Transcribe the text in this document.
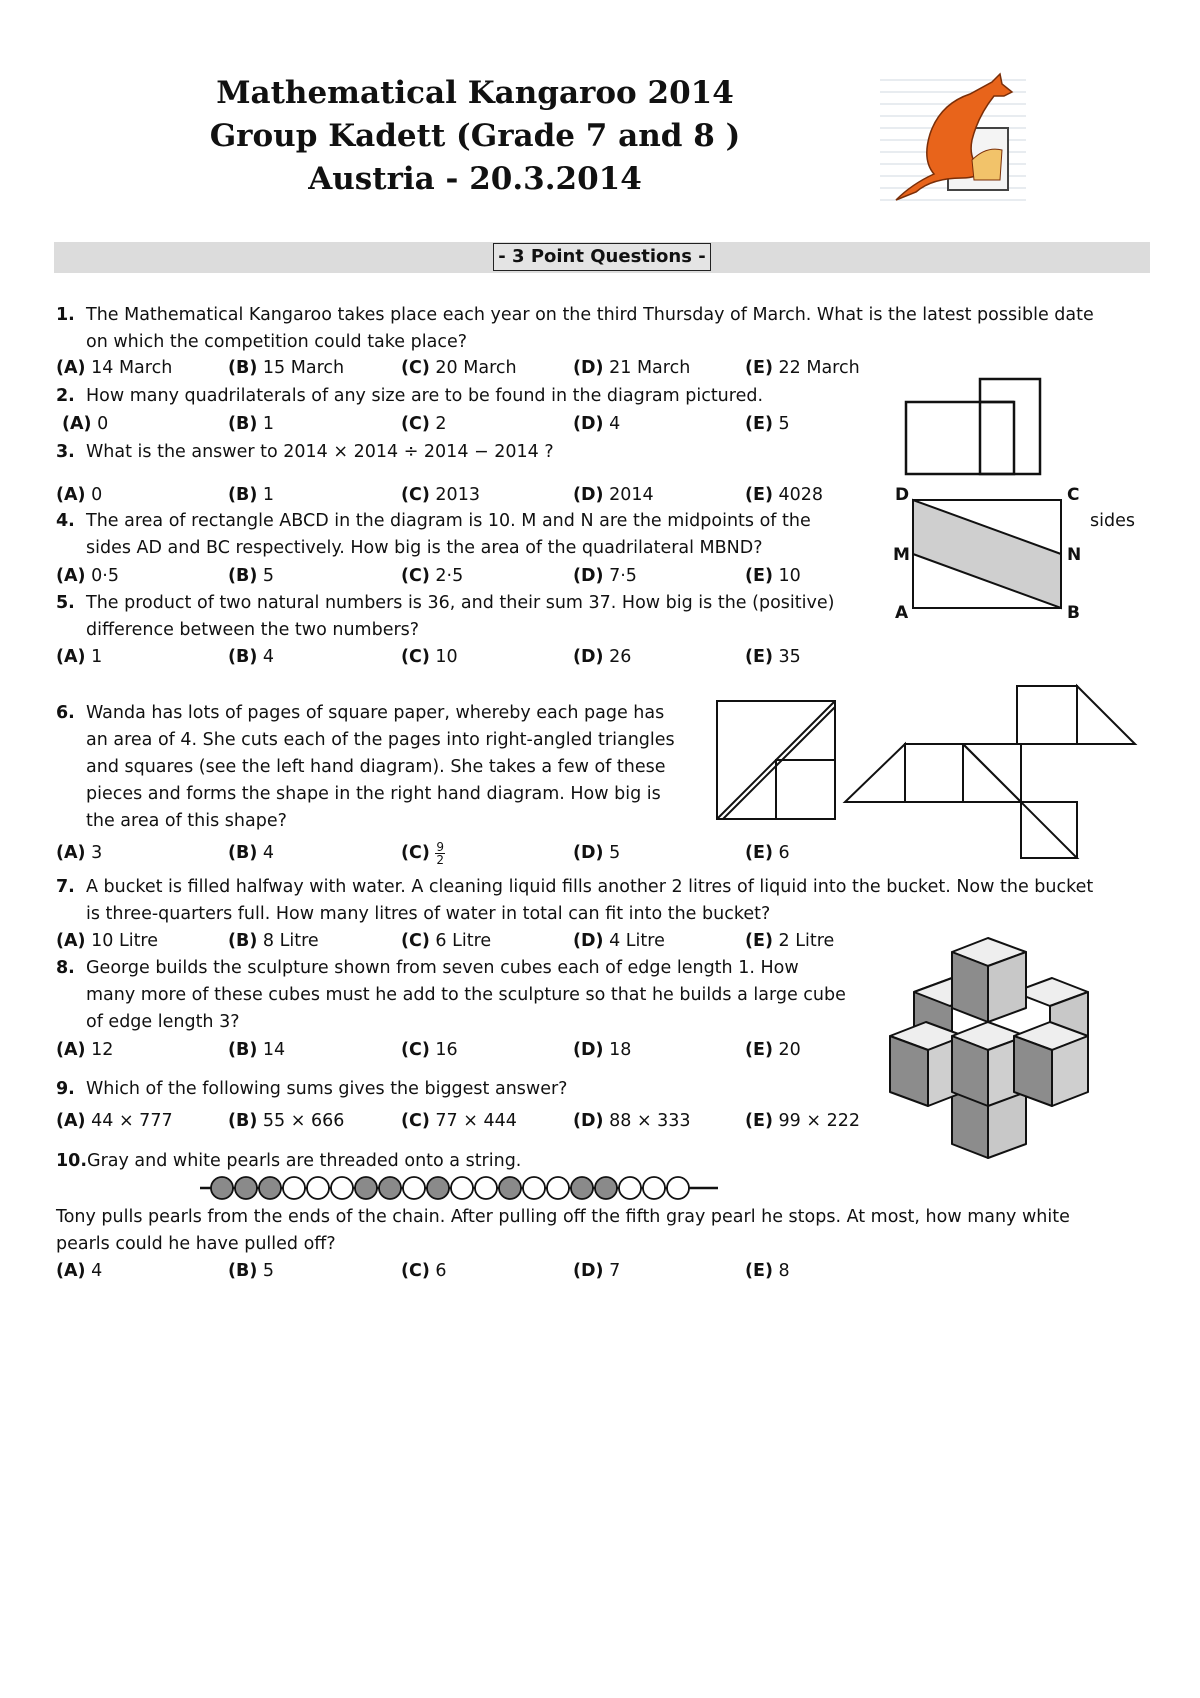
Mathematical Kangaroo 2014
Group Kadett (Grade 7 and 8 )
Austria - 20.3.2014
- 3 Point Questions -
1. The Mathematical Kangaroo takes place each year on the third Thursday of March. What is the latest possible date
on which the competition could take place?
(A) 14 March	(B) 15 March	(C) 20 March	(D) 21 March	(E) 22 March
2. How many quadrilaterals of any size are to be found in the diagram pictured.
(A) 0	(B) 1	(C) 2	(D) 4	(E) 5
3. What is the answer to 2014 × 2014 ÷ 2014 − 2014 ?
(A) 0	(B) 1	(C) 2013	(D) 2014	(E) 4028
4. The area of rectangle ABCD in the diagram is 10. M and N are the midpoints of the	sides
sides AD and BC respectively. How big is the area of the quadrilateral MBND?
(A) 0·5	(B) 5	(C) 2·5	(D) 7·5	(E) 10
D	C
M	N
A	B
5. The product of two natural numbers is 36, and their sum 37. How big is the (positive)
difference between the two numbers?
(A) 1	(B) 4	(C) 10	(D) 26	(E) 35
6. Wanda has lots of pages of square paper, whereby each page has
an area of 4. She cuts each of the pages into right-angled triangles
and squares (see the left hand diagram). She takes a few of these
pieces and forms the shape in the right hand diagram. How big is
the area of this shape?
(A) 3	(B) 4	$(C) \frac{9}{2}$	(D) 5	(E) 6
7. A bucket is filled halfway with water. A cleaning liquid fills another 2 litres of liquid into the bucket. Now the bucket
is three-quarters full. How many litres of water in total can fit into the bucket?
(A) 10 Litre	(B) 8 Litre	(C) 6 Litre	(D) 4 Litre	(E) 2 Litre
8. George builds the sculpture shown from seven cubes each of edge length 1. How
many more of these cubes must he add to the sculpture so that he builds a large cube
of edge length 3?
(A) 12	(B) 14	(C) 16	(D) 18	(E) 20
9. Which of the following sums gives the biggest answer?
(A) 44 × 777	(B) 55 × 666	(C) 77 × 444	(D) 88 × 333	(E) 99 × 222
10.Gray and white pearls are threaded onto a string.
Tony pulls pearls from the ends of the chain. After pulling off the fifth gray pearl he stops. At most, how many white
pearls could he have pulled off?
(A) 4	(B) 5	(C) 6	(D) 7	(E) 8
